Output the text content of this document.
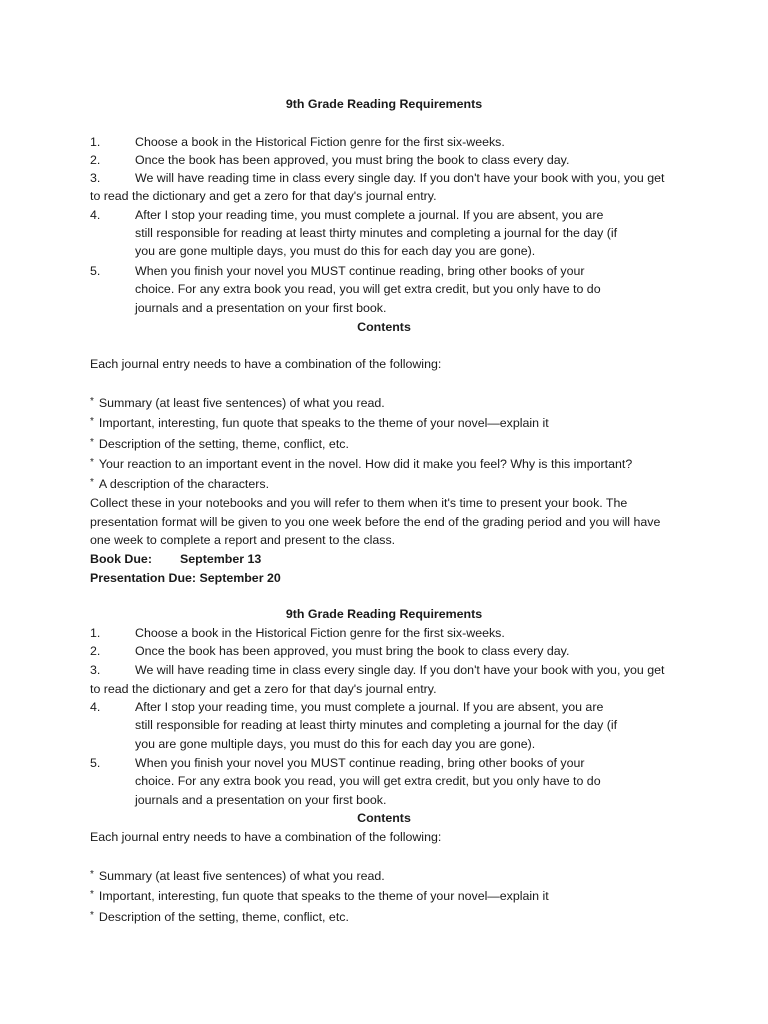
9th Grade Reading Requirements
1.	Choose a book in the Historical Fiction genre for the first six-weeks.
2.	Once the book has been approved, you must bring the book to class every day.
3.	We will have reading time in class every single day. If you don't have your book with you, you get
to read the dictionary and get a zero for that day's journal entry.
4.	After I stop your reading time, you must complete a journal. If you are absent, you are
still responsible for reading at least thirty minutes and completing a journal for the day (if
you are gone multiple days, you must do this for each day you are gone).
5.	When you finish your novel you MUST continue reading, bring other books of your
choice. For any extra book you read, you will get extra credit, but you only have to do
journals and a presentation on your first book.
Contents
Each journal entry needs to have a combination of the following:
* Summary (at least five sentences) of what you read.
* Important, interesting, fun quote that speaks to the theme of your novel—explain it
* Description of the setting, theme, conflict, etc.
* Your reaction to an important event in the novel. How did it make you feel? Why is this important?
* A description of the characters.
Collect these in your notebooks and you will refer to them when it's time to present your book. The
presentation format will be given to you one week before the end of the grading period and you will have
one week to complete a report and present to the class.
Book Due: September 13
Presentation Due: September 20
9th Grade Reading Requirements
1.	Choose a book in the Historical Fiction genre for the first six-weeks.
2.	Once the book has been approved, you must bring the book to class every day.
3.	We will have reading time in class every single day. If you don't have your book with you, you get
to read the dictionary and get a zero for that day's journal entry.
4.	After I stop your reading time, you must complete a journal. If you are absent, you are
still responsible for reading at least thirty minutes and completing a journal for the day (if
you are gone multiple days, you must do this for each day you are gone).
5.	When you finish your novel you MUST continue reading, bring other books of your
choice. For any extra book you read, you will get extra credit, but you only have to do
journals and a presentation on your first book.
Contents
Each journal entry needs to have a combination of the following:
* Summary (at least five sentences) of what you read.
* Important, interesting, fun quote that speaks to the theme of your novel—explain it
* Description of the setting, theme, conflict, etc.
